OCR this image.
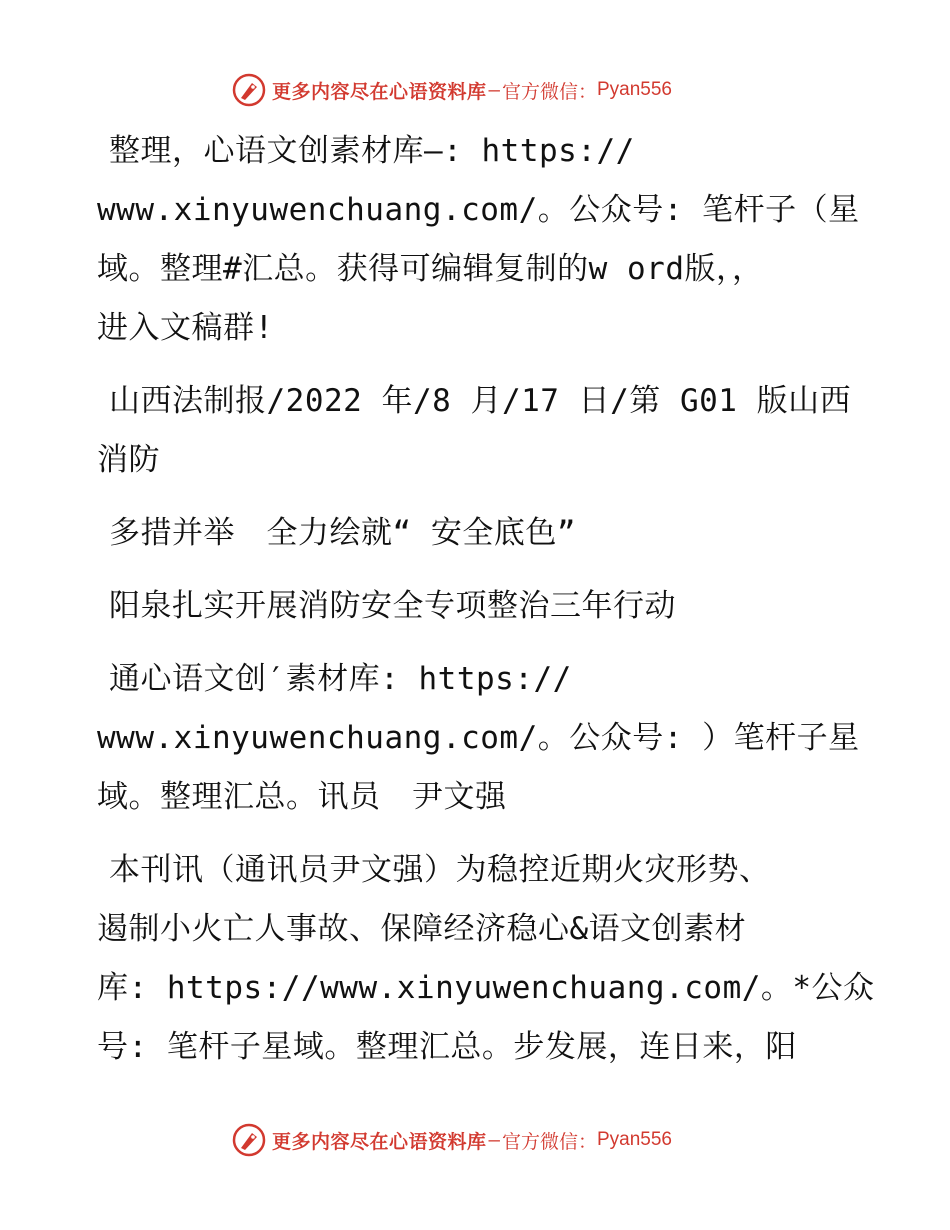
更多内容尽在心语资料库 — 官方微信： Pyan556
整理，心语文创素材库—: https://
www.xinyuwenchuang.com/。公众号: 笔杆子（星
域。整理#汇总。获得可编辑复制的w ord版，，
进入文稿群!
山西法制报/2022 年/8 月/17 日/第 G01 版山西
消防
多措并举　全力绘就“ 安全底色”
阳泉扎实开展消防安全专项整治三年行动
通心语文创′素材库: https://
www.xinyuwenchuang.com/。公众号: ）笔杆子星
域。整理汇总。讯员　尹文强
本刊讯（通讯员尹文强）为稳控近期火灾形势、
遏制小火亡人事故、保障经济稳心&语文创素材
库: https://www.xinyuwenchuang.com/。*公众
号: 笔杆子星域。整理汇总。步发展，连日来，阳
更多内容尽在心语资料库 — 官方微信： Pyan556
